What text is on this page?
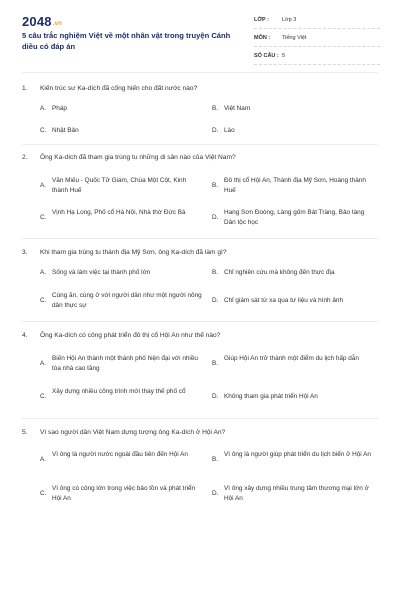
2048.vn
5 câu trắc nghiệm Việt về một nhân vật trong truyện Cánh diều có đáp án
LỚP : Lớp 3
MÔN : Tiếng Việt
SỐ CÂU : 5
1. Kiến trúc sư Ka-dích đã cống hiến cho đất nước nào?
A. Pháp	B. Việt Nam
C. Nhật Bản	D. Lào
2. Ông Ka-dích đã tham gia trùng tu những di sản nào của Việt Nam?
A.
Văn Miếu - Quốc Tử Giám, Chùa Một Cột, Kinh thành Huế
B.
Đô thị cổ Hội An, Thánh địa Mỹ Sơn, Hoàng thành Huế
C.
Vịnh Hạ Long, Phố cổ Hà Nội, Nhà thờ Đức Bà
D.
Hang Sơn Đoòng, Làng gốm Bát Tràng, Bảo tàng Dân tộc học
3. Khi tham gia trùng tu thánh địa Mỹ Sơn, ông Ka-dích đã làm gì?
A. Sống và làm việc tại thành phố lớn	B. Chỉ nghiên cứu mà không đến thực địa
C.
Cùng ăn, cùng ở với người dân như một người nông dân thực sự
D. Chỉ giám sát từ xa qua tư liệu và hình ảnh
4. Ông Ka-dích có công phát triển đô thị cổ Hội An như thế nào?
A.
Biến Hội An thành một thành phố hiện đại với nhiều tòa nhà cao tầng
B.
Giúp Hội An trở thành một điểm du lịch hấp dẫn
C.
Xây dựng nhiều công trình mới thay thế phố cổ
D. Không tham gia phát triển Hội An
5. Vì sao người dân Việt Nam dựng tượng ông Ka-dích ở Hội An?
A.
Vì ông là người nước ngoài đầu tiên đến Hội An
B.
Vì ông là người giúp phát triển du lịch biển ở Hội An
C.
Vì ông có công lớn trong việc bảo tồn và phát triển Hội An
D.
Vì ông xây dựng nhiều trung tâm thương mại lớn ở Hội An
